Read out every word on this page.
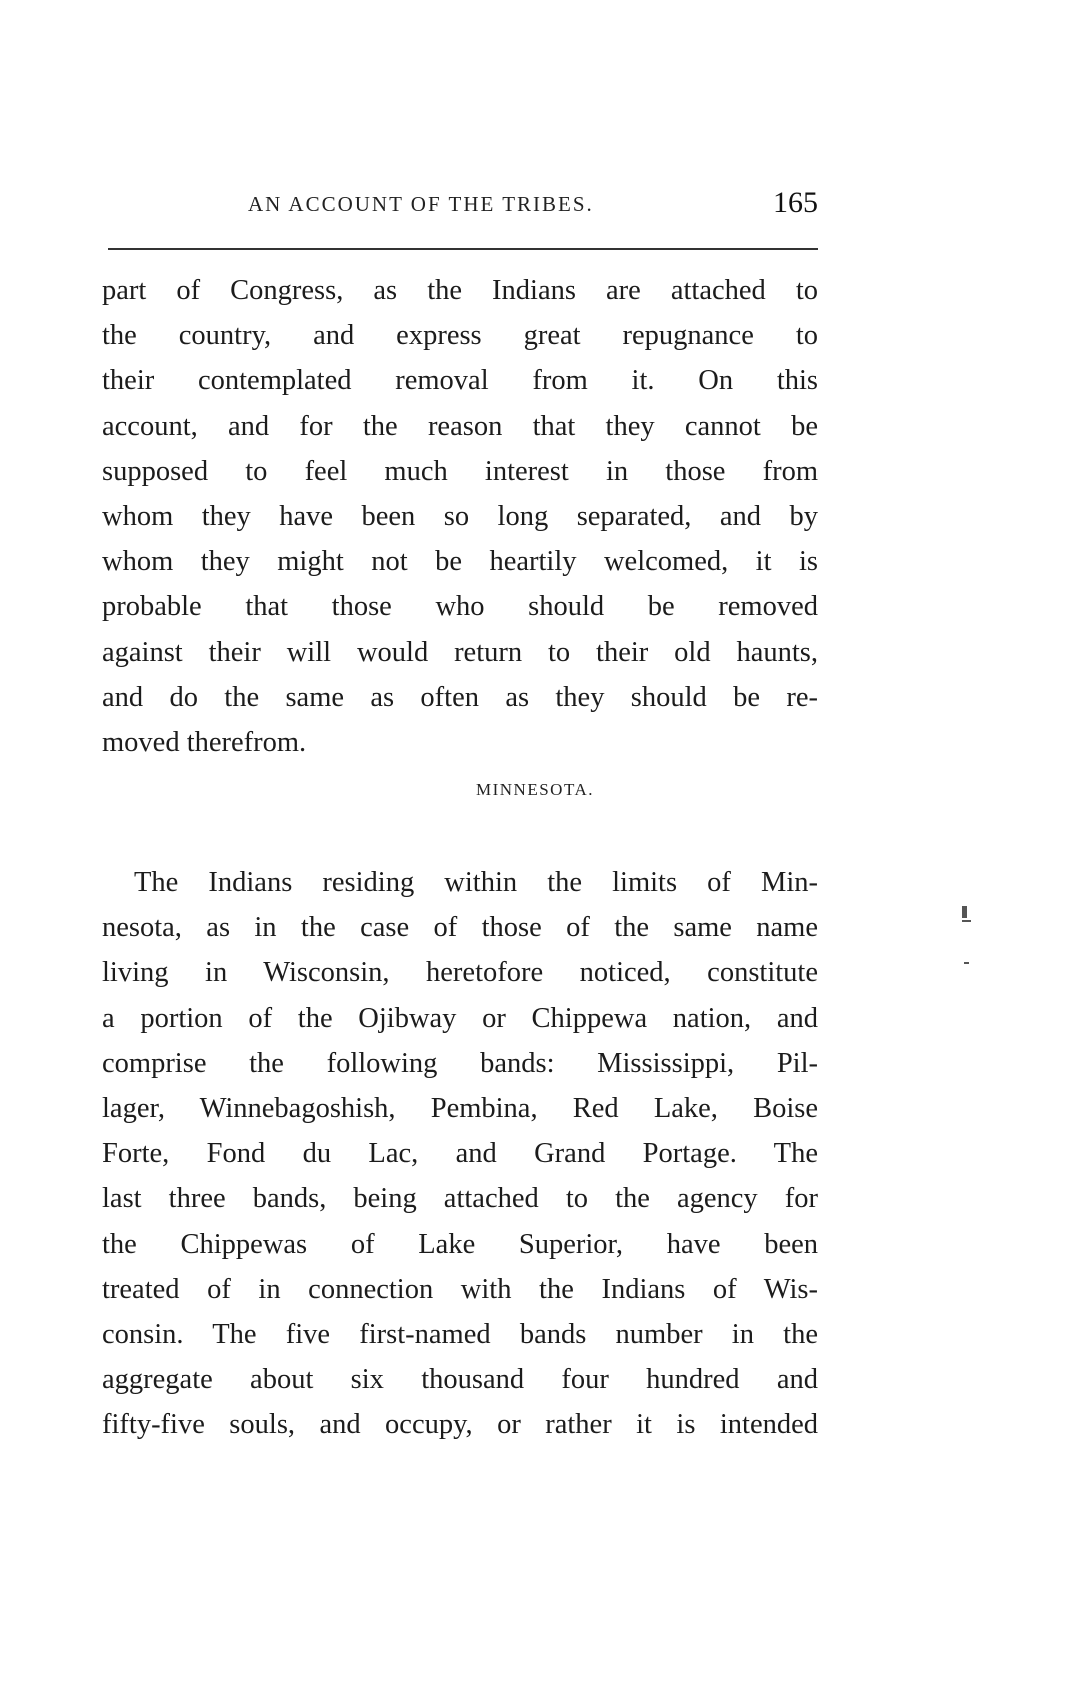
AN ACCOUNT OF THE TRIBES.	165
part of Congress, as the Indians are attached to
the country, and express great repugnance to
their contemplated removal from it. On this
account, and for the reason that they cannot be
supposed to feel much interest in those from
whom they have been so long separated, and by
whom they might not be heartily welcomed, it is
probable that those who should be removed
against their will would return to their old haunts,
and do the same as often as they should be re-
moved therefrom.
MINNESOTA.
The Indians residing within the limits of Min-
nesota, as in the case of those of the same name
living in Wisconsin, heretofore noticed, constitute
a portion of the Ojibway or Chippewa nation, and
comprise the following bands: Mississippi, Pil-
lager, Winnebagoshish, Pembina, Red Lake, Boise
Forte, Fond du Lac, and Grand Portage. The
last three bands, being attached to the agency for
the Chippewas of Lake Superior, have been
treated of in connection with the Indians of Wis-
consin. The five first-named bands number in the
aggregate about six thousand four hundred and
fifty-five souls, and occupy, or rather it is intended
